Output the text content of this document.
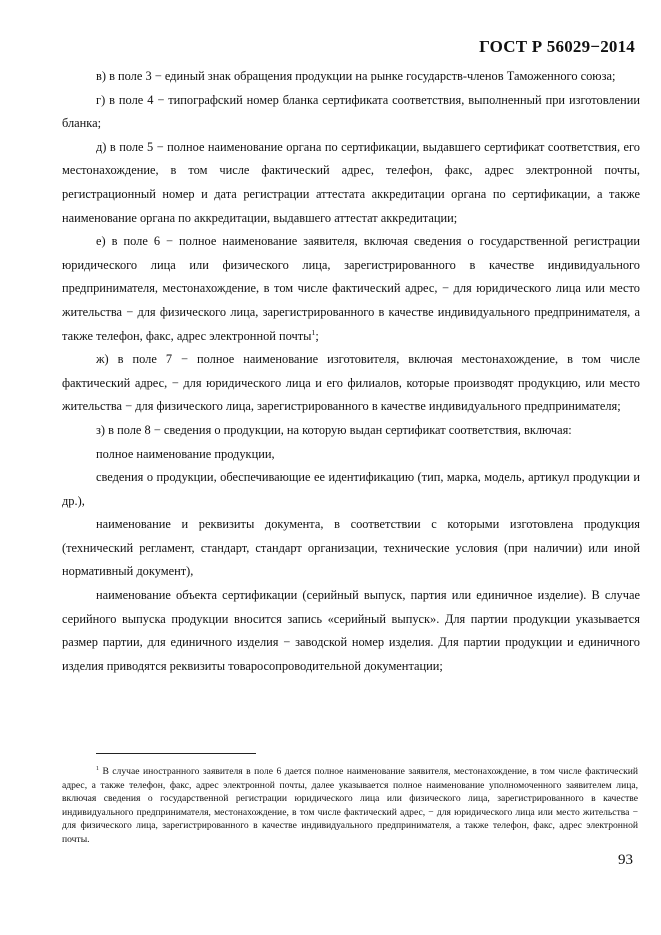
ГОСТ Р 56029−2014

в) в поле 3 − единый знак обращения продукции на рынке государств-членов Таможенного союза;

г) в поле 4 − типографский номер бланка сертификата соответствия, выполненный при изготовлении бланка;

д) в поле 5 − полное наименование органа по сертификации, выдавшего сертификат соответствия, его местонахождение, в том числе фактический адрес, телефон, факс, адрес электронной почты, регистрационный номер и дата регистрации аттестата аккредитации органа по сертификации, а также наименование органа по аккредитации, выдавшего аттестат аккредитации;

е) в поле 6 − полное наименование заявителя, включая сведения о государственной регистрации юридического лица или физического лица, зарегистрированного в качестве индивидуального предпринимателя, местонахождение, в том числе фактический адрес, − для юридического лица или место жительства − для физического лица, зарегистрированного в качестве индивидуального предпринимателя, а также телефон, факс, адрес электронной почты$^1$;

ж) в поле 7 − полное наименование изготовителя, включая местонахождение, в том числе фактический адрес, − для юридического лица и его филиалов, которые производят продукцию, или место жительства − для физического лица, зарегистрированного в качестве индивидуального предпринимателя;

з) в поле 8 − сведения о продукции, на которую выдан сертификат соответствия, включая:

полное наименование продукции,

сведения о продукции, обеспечивающие ее идентификацию (тип, марка, модель, артикул продукции и др.),

наименование и реквизиты документа, в соответствии с которыми изготовлена продукция (технический регламент, стандарт, стандарт организации, технические условия (при наличии) или иной нормативный документ),

наименование объекта сертификации (серийный выпуск, партия или единичное изделие). В случае серийного выпуска продукции вносится запись «серийный выпуск». Для партии продукции указывается размер партии, для единичного изделия − заводской номер изделия. Для партии продукции и единичного изделия приводятся реквизиты товаросопроводительной документации;

$^1$ В случае иностранного заявителя в поле 6 дается полное наименование заявителя, местонахождение, в том числе фактический адрес, а также телефон, факс, адрес электронной почты, далее указывается полное наименование уполномоченного заявителем лица, включая сведения о государственной регистрации юридического лица или физического лица, зарегистрированного в качестве индивидуального предпринимателя, местонахождение, в том числе фактический адрес, − для юридического лица или место жительства − для физического лица, зарегистрированного в качестве индивидуального предпринимателя, а также телефон, факс, адрес электронной почты.

93
